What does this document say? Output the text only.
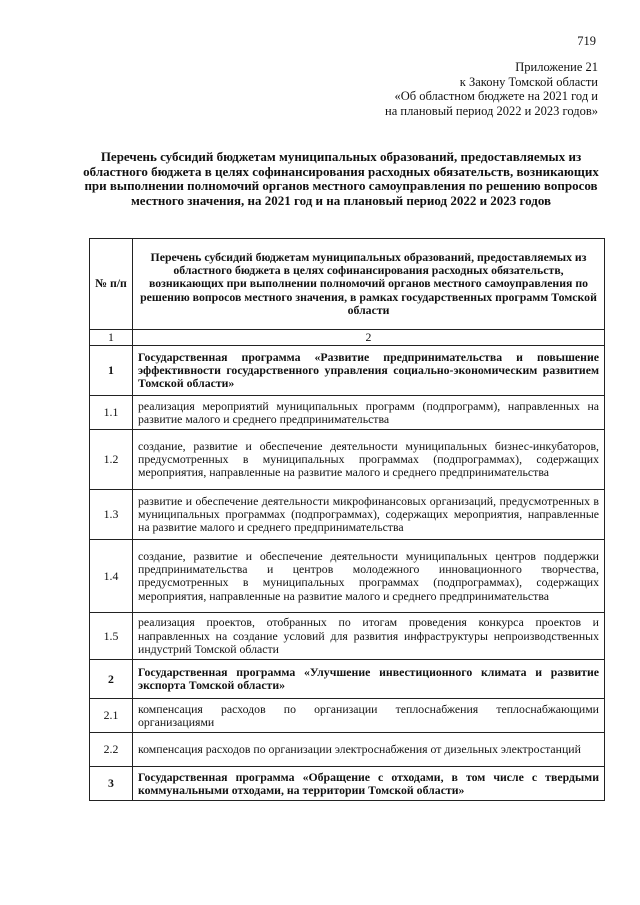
719
Приложение 21
к Закону Томской области
«Об областном бюджете на 2021 год и
на плановый период 2022 и 2023 годов»
Перечень субсидий бюджетам муниципальных образований, предоставляемых из областного бюджета в целях софинансирования расходных обязательств, возникающих при выполнении полномочий органов местного самоуправления по решению вопросов местного значения, на 2021 год и на плановый период 2022 и 2023 годов
№ п/п	Перечень субсидий бюджетам муниципальных образований, предоставляемых из областного бюджета в целях софинансирования расходных обязательств, возникающих при выполнении полномочий органов местного самоуправления по решению вопросов местного значения, в рамках государственных программ Томской области
1	2
1	Государственная программа «Развитие предпринимательства и повышение эффективности государственного управления социально-экономическим развитием Томской области»
1.1	реализация мероприятий муниципальных программ (подпрограмм), направленных на развитие малого и среднего предпринимательства
1.2	создание, развитие и обеспечение деятельности муниципальных бизнес-инкубаторов, предусмотренных в муниципальных программах (подпрограммах), содержащих мероприятия, направленные на развитие малого и среднего предпринимательства
1.3	развитие и обеспечение деятельности микрофинансовых организаций, предусмотренных в муниципальных программах (подпрограммах), содержащих мероприятия, направленные на развитие малого и среднего предпринимательства
1.4	создание, развитие и обеспечение деятельности муниципальных центров поддержки предпринимательства и центров молодежного инновационного творчества, предусмотренных в муниципальных программах (подпрограммах), содержащих мероприятия, направленные на развитие малого и среднего предпринимательства
1.5	реализация проектов, отобранных по итогам проведения конкурса проектов и направленных на создание условий для развития инфраструктуры непроизводственных индустрий Томской области
2	Государственная программа «Улучшение инвестиционного климата и развитие экспорта Томской области»
2.1	компенсация расходов по организации теплоснабжения теплоснабжающими организациями
2.2	компенсация расходов по организации электроснабжения от дизельных электростанций
3	Государственная программа «Обращение с отходами, в том числе с твердыми коммунальными отходами, на территории Томской области»
